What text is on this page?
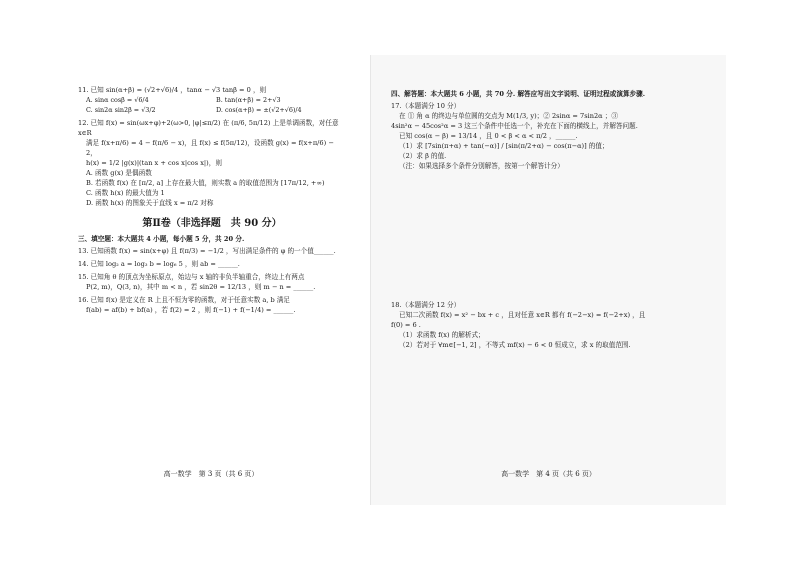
11. 已知 sin(α+β) = (√2+√6)/4 ，tanα − √3 tanβ = 0 ，则
A. sinα cosβ = √6/4	B. tan(α+β) = 2+√3
C. sin2α sin2β = √3/2	D. cos(α+β) = ±(√2+√6)/4
12. 已知 f(x) = sin(ωx+φ)+2(ω>0, |φ|≤π/2) 在 (π/6, 5π/12) 上是单调函数，对任意 x∈R
满足 f(x+π/6) = 4 − f(π/6 − x)，且 f(x) ≤ f(5π/12)，设函数 g(x) = f(x+π/6) − 2，
h(x) = 1/2 |g(x)|(tan x + cos x|cos x|)，则
A. 函数 g(x) 是偶函数
B. 若函数 f(x) 在 [π/2, a] 上存在最大值，则实数 a 的取值范围为 [17π/12, +∞)
C. 函数 h(x) 的最大值为 1
D. 函数 h(x) 的图象关于直线 x = π/2 对称
第Ⅱ卷（非选择题　共 90 分）
三、填空题：本大题共 4 小题，每小题 5 分，共 20 分.
13. 已知函数 f(x) = sin(x+φ) 且 f(π/3) = −1/2 ，写出满足条件的 φ 的一个值______.
14. 已知 log₂ a = log₃ b = log₆ 5 ，则 ab = ______.
15. 已知角 θ 的顶点为坐标原点，始边与 x 轴的非负半轴重合，终边上有两点
P(2, m)，Q(3, n)，其中 m < n ，若 sin2θ = 12/13 ，则 m − n = ______.
16. 已知 f(x) 是定义在 R 上且不恒为零的函数，对于任意实数 a, b 满足
f(ab) = af(b) + bf(a) ，若 f(2) = 2 ，则 f(−1) + f(−1/4) = ______.
高一数学　第 3 页（共 6 页）
四、解答题：本大题共 6 小题，共 70 分. 解答应写出文字说明、证明过程或演算步骤.
17.（本题满分 10 分）
在 ① 角 α 的终边与单位圆的交点为 M(1/3, y)；② 2sinα = 7sin2α ；③
4sin²α − 45cos²α = 3 这三个条件中任选一个，补充在下面的横线上，并解答问题.
已知 cos(α − β) = 13/14 ，且 0 < β < α < π/2 ，______.
（1）求 [7sin(π+α) + tan(−α)] / [sin(π/2+α) − cos(π−α)] 的值；
（2）求 β 的值.
（注：如果选择多个条件分别解答，按第一个解答计分）
18.（本题满分 12 分）
已知二次函数 f(x) = x² − bx + c ，且对任意 x∈R 都有 f(−2−x) = f(−2+x) ，且
f(0) = 6 .
（1）求函数 f(x) 的解析式；
（2）若对于 ∀m∈[−1, 2] ，不等式 mf(x) − 6 < 0 恒成立，求 x 的取值范围.
高一数学　第 4 页（共 6 页）
